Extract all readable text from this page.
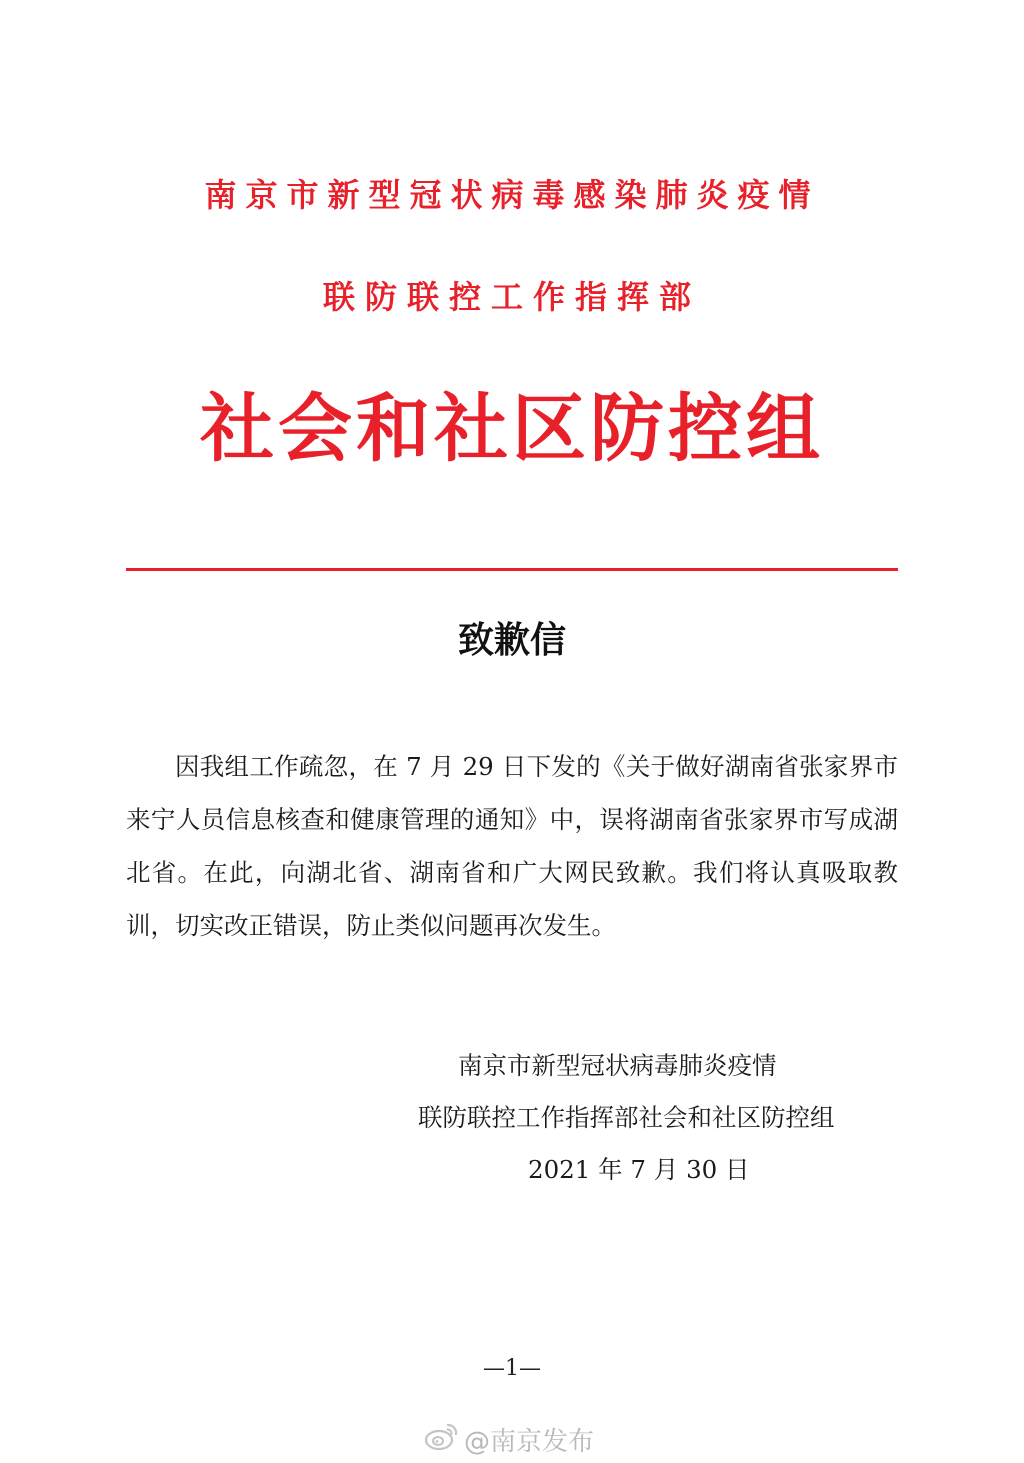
南京市新型冠状病毒感染肺炎疫情
联防联控工作指挥部
社会和社区防控组
致歉信

因我组工作疏忽，在 7 月 29 日下发的《关于做好湖南省张家界市来宁人员信息核查和健康管理的通知》中，误将湖南省张家界市写成湖北省。在此，向湖北省、湖南省和广大网民致歉。我们将认真吸取教训，切实改正错误，防止类似问题再次发生。

南京市新型冠状病毒肺炎疫情
联防联控工作指挥部社会和社区防控组
2021 年 7 月 30 日
—1—
@南京发布
